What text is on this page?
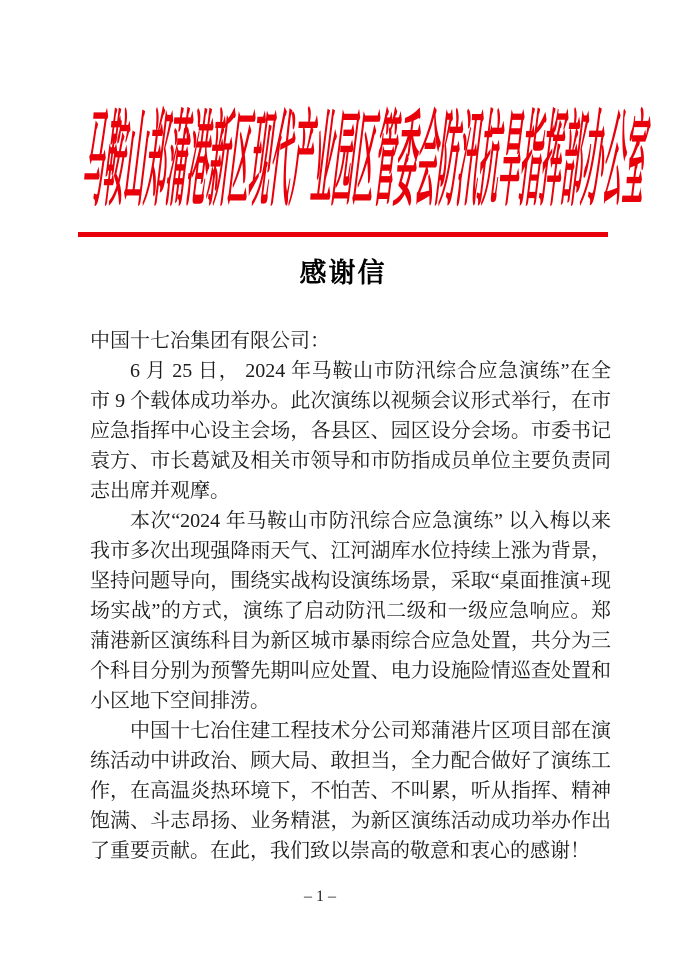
马鞍山郑蒲港新区现代产业园区管委会防汛抗旱指挥部办公室
感谢信

中国十七冶集团有限公司：

6 月 25 日， 2024 年马鞍山市防汛综合应急演练”在全市 9 个载体成功举办。此次演练以视频会议形式举行，在市应急指挥中心设主会场，各县区、园区设分会场。市委书记袁方、市长葛斌及相关市领导和市防指成员单位主要负责同志出席并观摩。

本次“2024 年马鞍山市防汛综合应急演练” 以入梅以来我市多次出现强降雨天气、江河湖库水位持续上涨为背景，坚持问题导向，围绕实战构设演练场景，采取“桌面推演+现场实战”的方式，演练了启动防汛二级和一级应急响应。郑蒲港新区演练科目为新区城市暴雨综合应急处置，共分为三个科目分别为预警先期叫应处置、电力设施险情巡查处置和小区地下空间排涝。

中国十七冶住建工程技术分公司郑蒲港片区项目部在演练活动中讲政治、顾大局、敢担当，全力配合做好了演练工作，在高温炎热环境下，不怕苦、不叫累，听从指挥、精神饱满、斗志昂扬、业务精湛，为新区演练活动成功举办作出了重要贡献。在此，我们致以崇高的敬意和衷心的感谢！

– 1 –
